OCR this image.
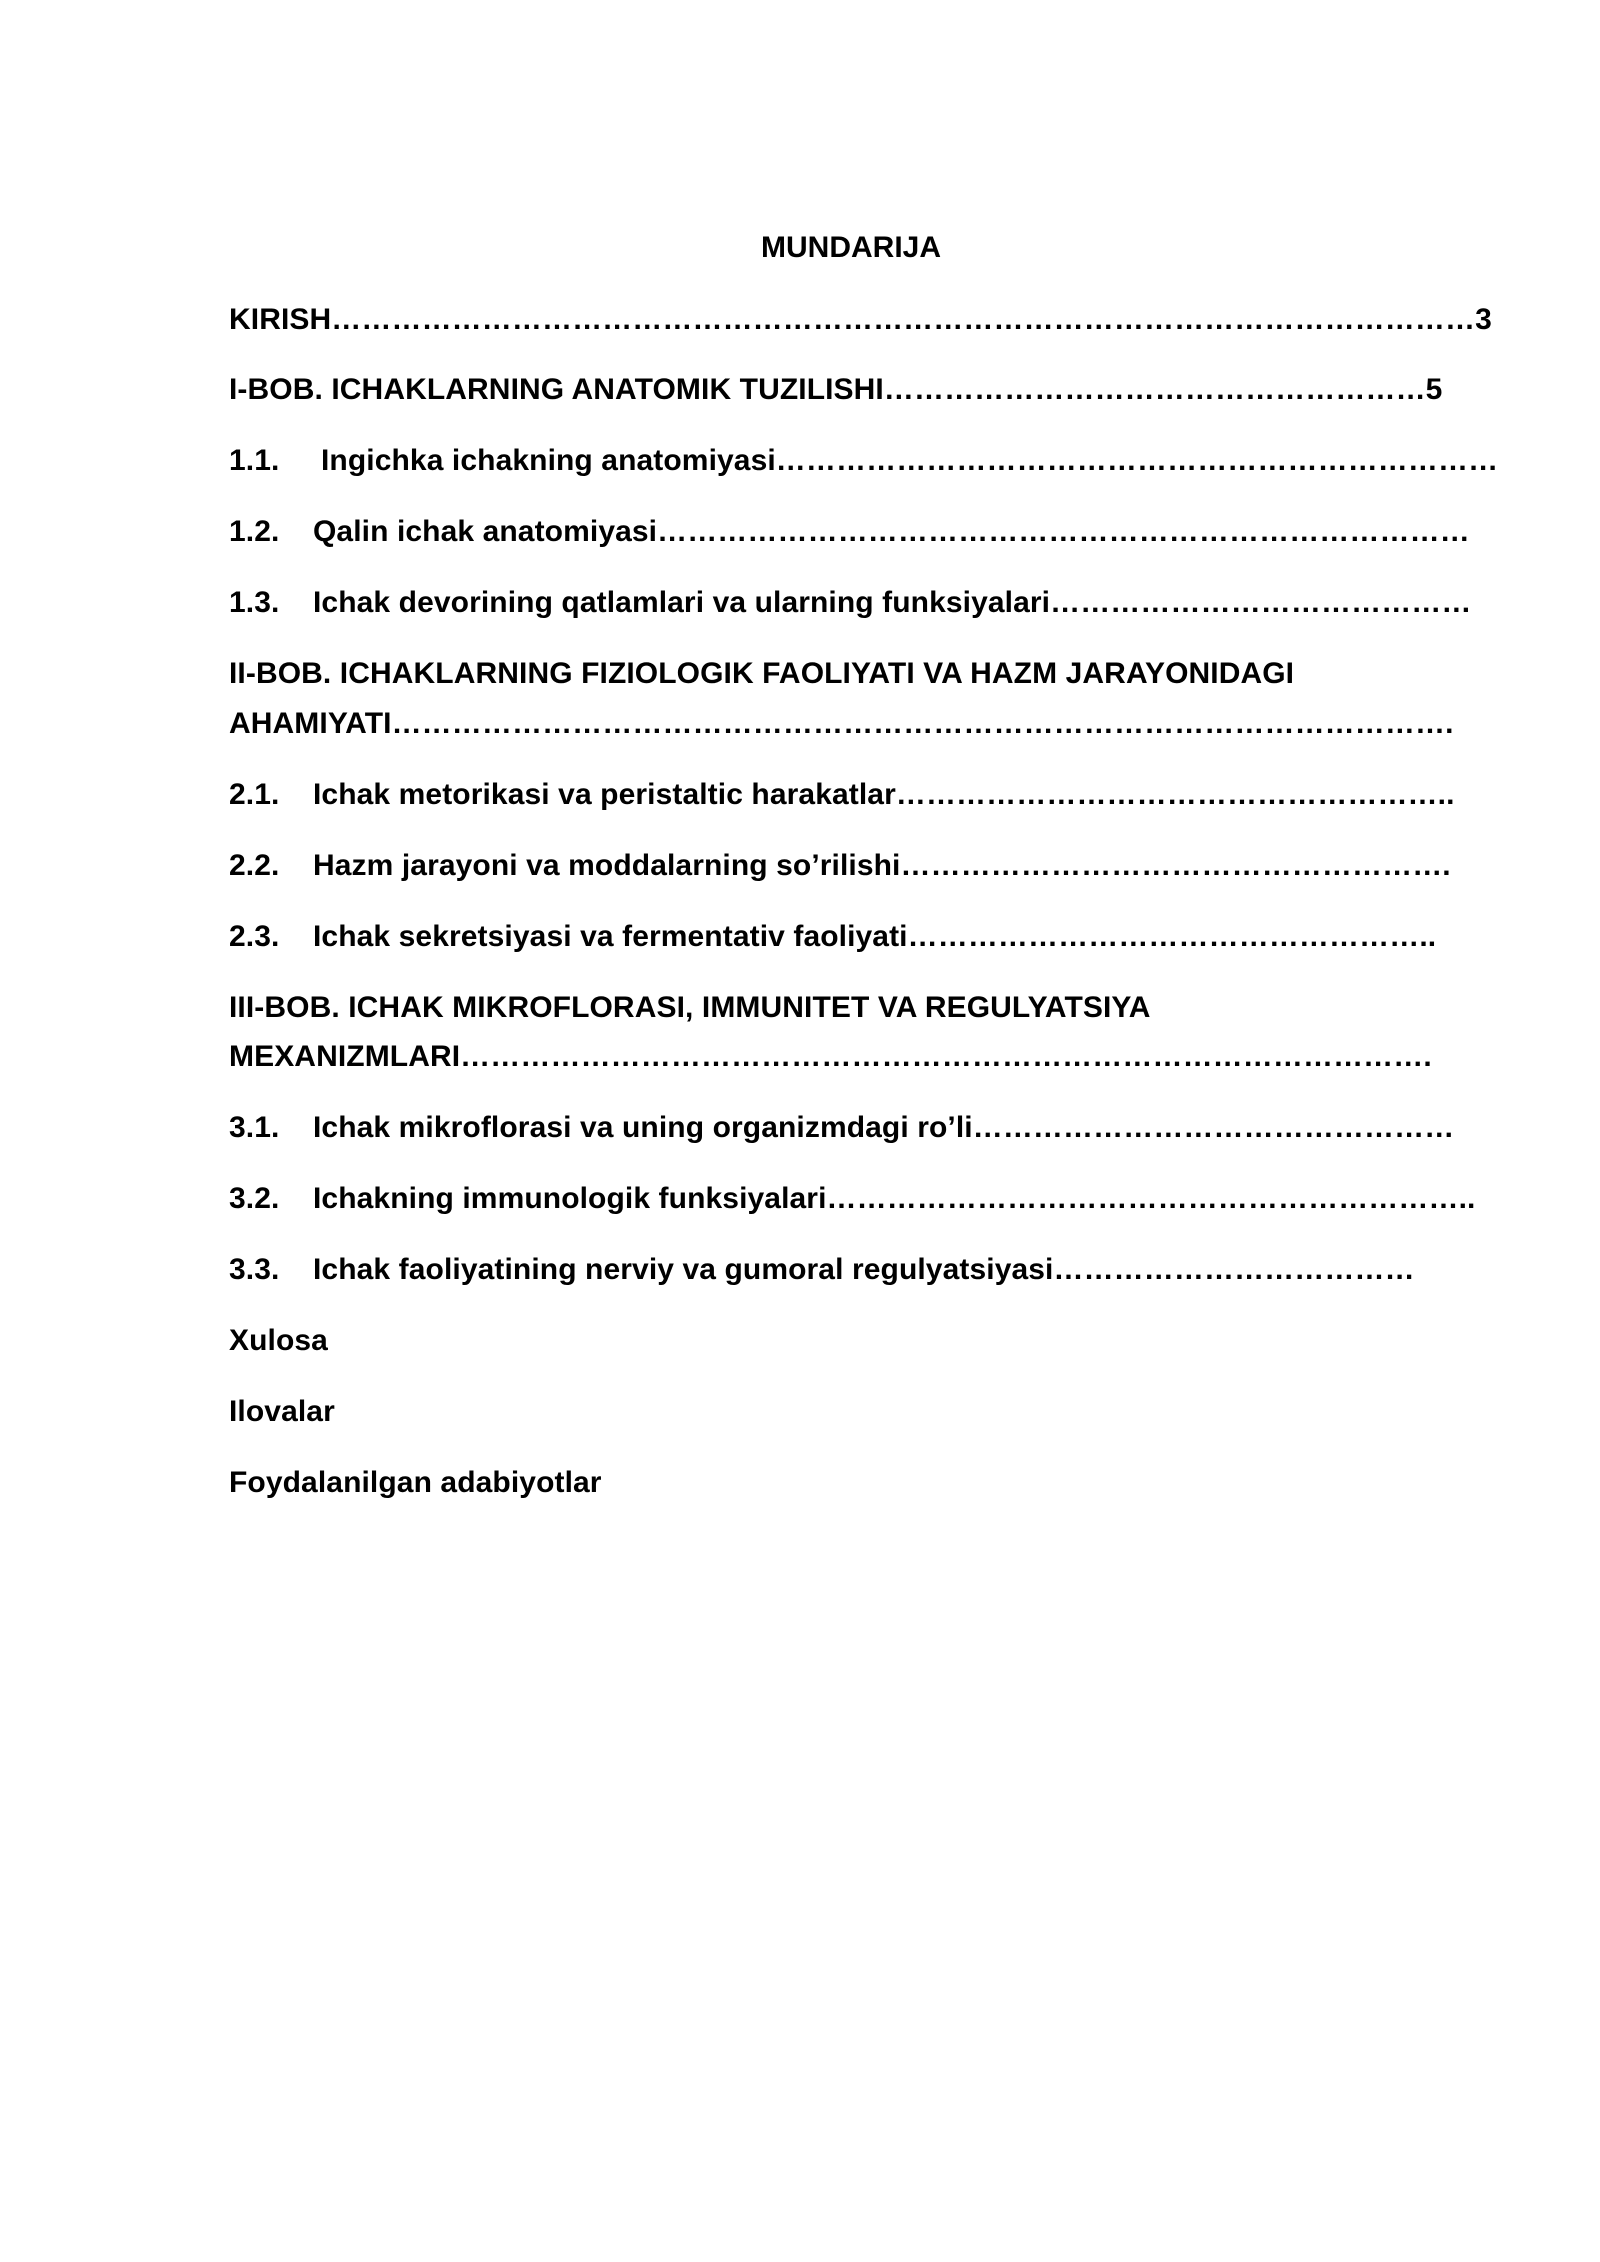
MUNDARIJA
KIRISH……………………………………………………………………………………………………3
I-BOB. ICHAKLARNING ANATOMIK TUZILISHI………………………………………………5
1.1. Ingichka ichakning anatomiyasi………………………………………………………………
1.2. Qalin ichak anatomiyasi………………………………………………………………………
1.3. Ichak devorining qatlamlari va ularning funksiyalari……………………………………
II-BOB. ICHAKLARNING FIZIOLOGIK FAOLIYATI VA HAZM JARAYONIDAGI
AHAMIYATI…………………………………………………………………………………………….
2.1. Ichak metorikasi va peristaltic harakatlar………………………………………………..
2.2. Hazm jarayoni va moddalarning so’rilishi……………………………………………….
2.3. Ichak sekretsiyasi va fermentativ faoliyati……………………………………………..
III-BOB. ICHAK MIKROFLORASI, IMMUNITET VA REGULYATSIYA
MEXANIZMLARI…………………………………………………………………………………….
3.1. Ichak mikroflorasi va uning organizmdagi ro’li…………………………………………
3.2. Ichakning immunologik funksiyalari………………………………………………………..
3.3. Ichak faoliyatining nerviy va gumoral regulyatsiyasi………………………………
Xulosa
Ilovalar
Foydalanilgan adabiyotlar
